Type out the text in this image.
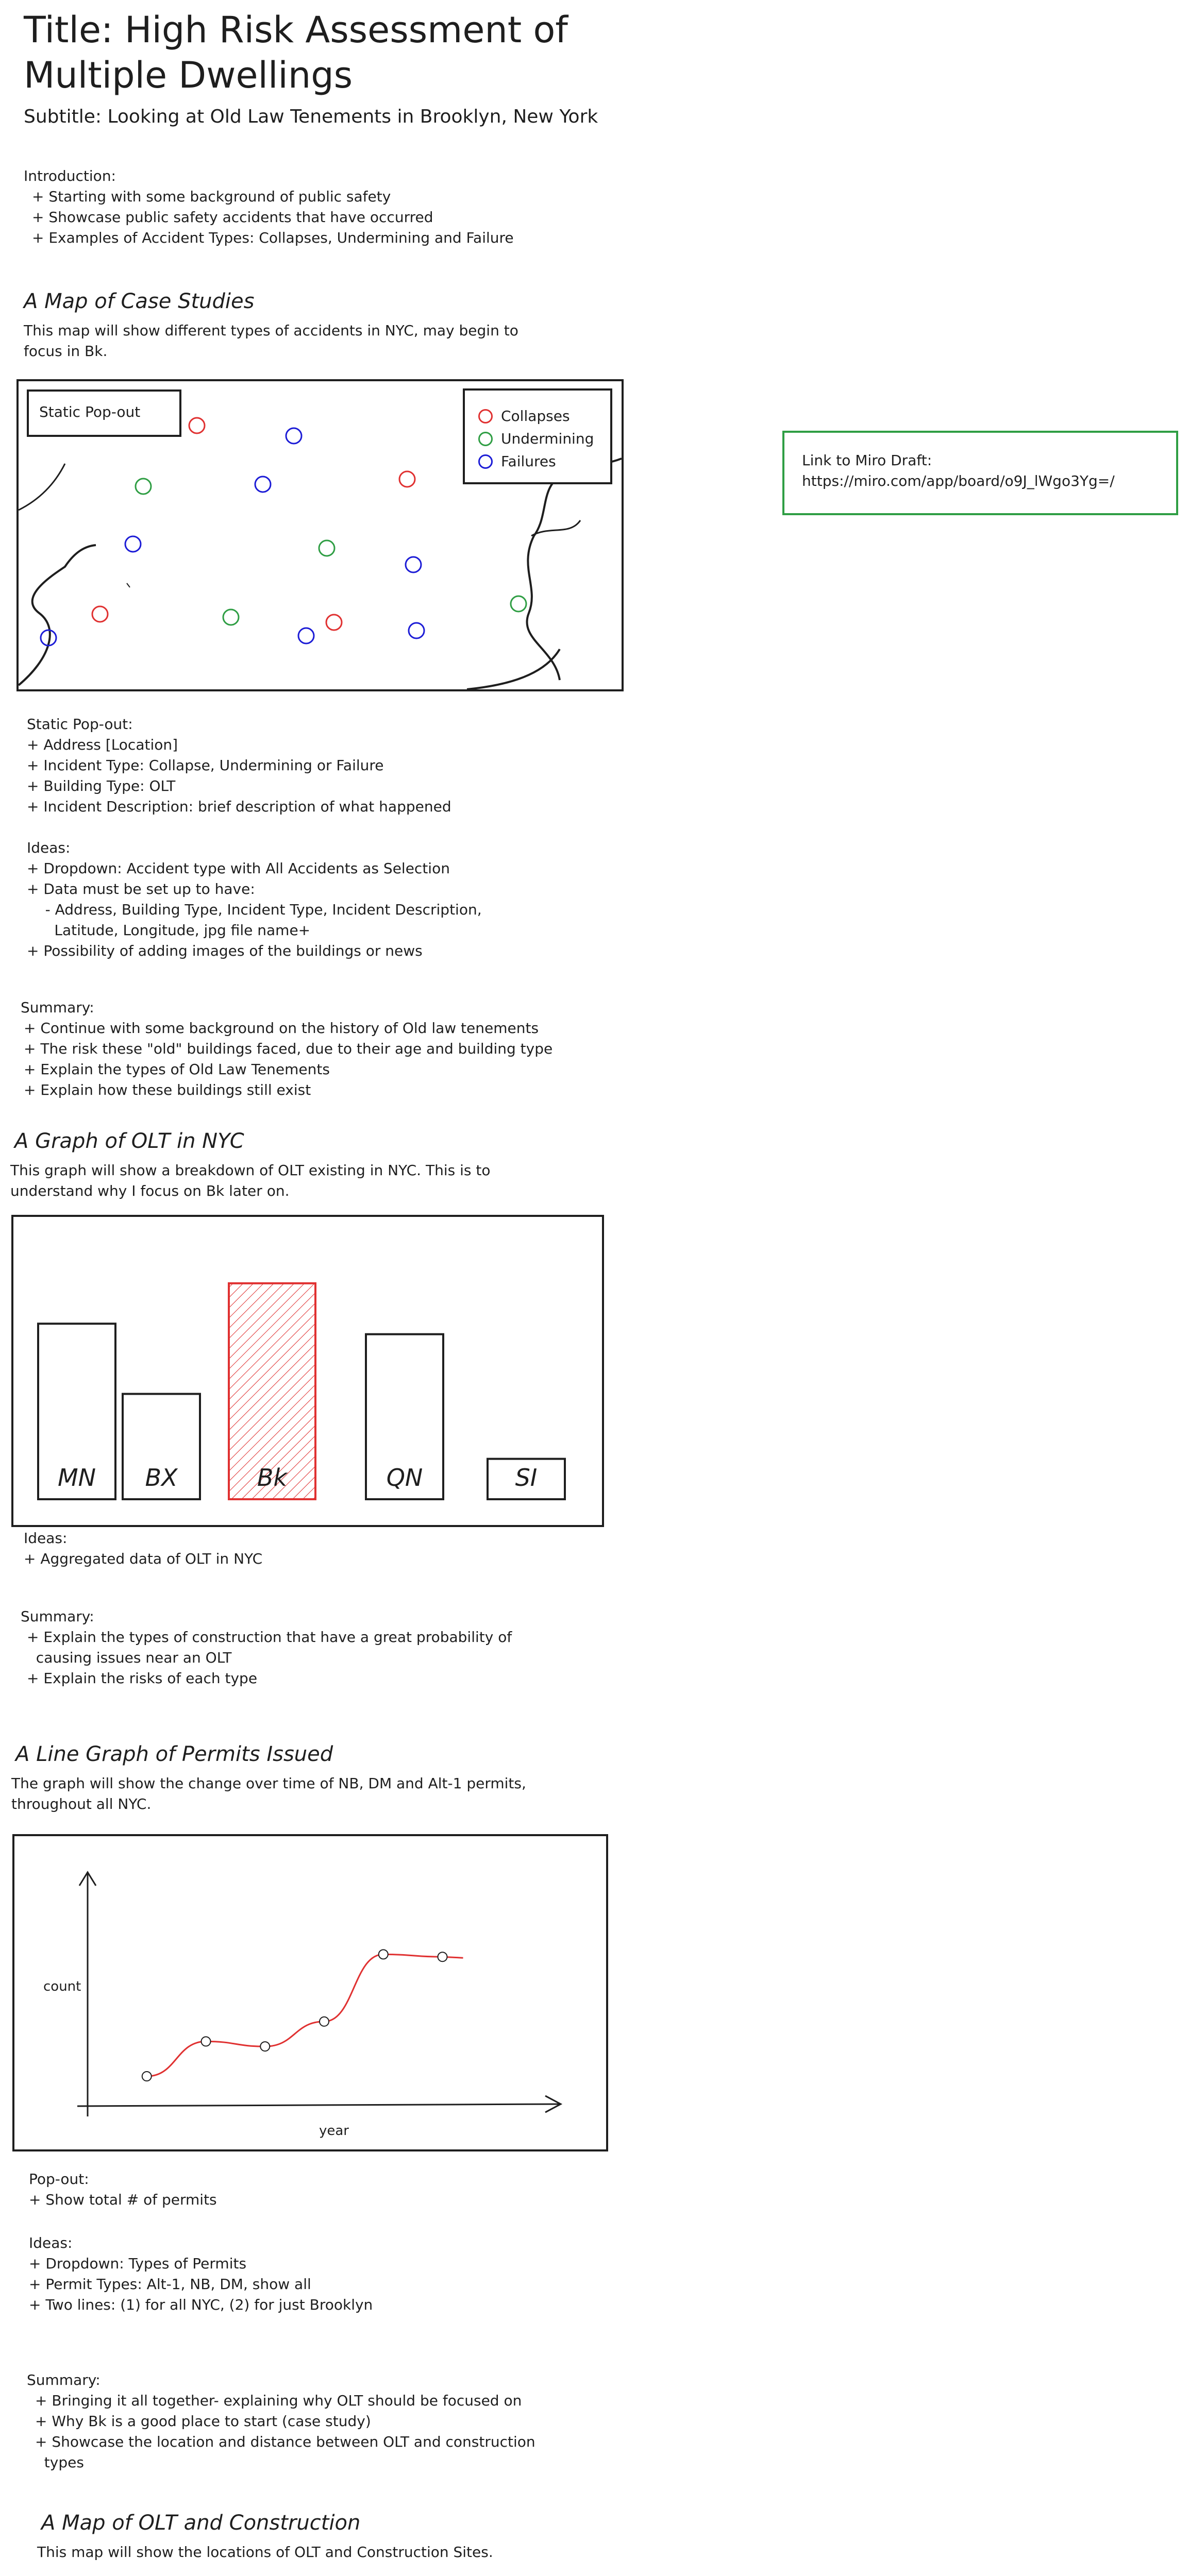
Title: High Risk Assessment of Multiple Dwellings
Subtitle: Looking at Old Law Tenements in Brooklyn, New York
Introduction:
+ Starting with some background of public safety
+ Showcase public safety accidents that have occurred
+ Examples of Accident Types: Collapses, Undermining and Failure
A Map of Case Studies
This map will show different types of accidents in NYC, may begin to
focus in Bk.
Static Pop-out	Collapses
Undermining
Failures	Link to Miro Draft:
https://miro.com/app/board/o9J_lWgo3Yg=/
Static Pop-out:
+ Address [Location]
+ Incident Type: Collapse, Undermining or Failure
+ Building Type: OLT
+ Incident Description: brief description of what happened
Ideas:
+ Dropdown: Accident type with All Accidents as Selection
+ Data must be set up to have:
- Address, Building Type, Incident Type, Incident Description,
Latitude, Longitude, jpg file name+
+ Possibility of adding images of the buildings or news
Summary:
+ Continue with some background on the history of Old law tenements
+ The risk these "old" buildings faced, due to their age and building type
+ Explain the types of Old Law Tenements
+ Explain how these buildings still exist
A Graph of OLT in NYC
This graph will show a breakdown of OLT existing in NYC. This is to
understand why I focus on Bk later on.
MN BX	Bk	QN	SI
Ideas:
+ Aggregated data of OLT in NYC
Summary:
+ Explain the types of construction that have a great probability of
causing issues near an OLT
+ Explain the risks of each type
A Line Graph of Permits Issued
The graph will show the change over time of NB, DM and Alt-1 permits,
throughout all NYC.
count
year
Pop-out:
+ Show total # of permits
Ideas:
+ Dropdown: Types of Permits
+ Permit Types: Alt-1, NB, DM, show all
+ Two lines: (1) for all NYC, (2) for just Brooklyn
Summary:
+ Bringing it all together- explaining why OLT should be focused on
+ Why Bk is a good place to start (case study)
+ Showcase the location and distance between OLT and construction
types
A Map of OLT and Construction
This map will show the locations of OLT and Construction Sites.
